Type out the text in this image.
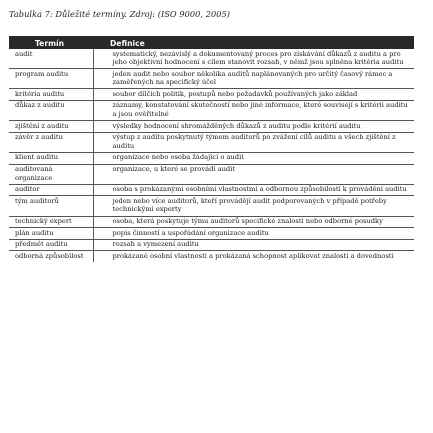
Tabulka 7: Důležité termíny. Zdroj: (ISO 9000, 2005)
Termín	Definice
audit	systematický, nezávislý a dokumentovaný proces pro získávání důkazů z auditu a pro jeho objektivní hodnocení s cílem stanovit rozsah, v němž jsou splněna kritéria auditu
program auditu	jeden audit nebo soubor několika auditů naplánovaných pro určitý časový rámec a zaměřených na specifický účel
kritéria auditu	soubor dílčích politik, postupů nebo požadavků používaných jako základ
důkaz z auditu	záznamy, konstatování skutečností nebo jiné informace, které souvisejí s kritérii auditu a jsou ověřitelné
zjištění z auditu	výsledky hodnocení shromážděných důkazů z auditu podle kritérií auditu
závěr z auditu	výstup z auditu poskytnutý týmem auditorů po zvážení cílů auditu a všech zjištění z auditu
klient auditu	organizace nebo osoba žádající o audit
auditovaná organizace	organizace, u které se provádí audit
auditor	osoba s prokázanými osobními vlastnostmi a odbornou způsobilostí k provádění auditu
tým auditorů	jeden nebo více auditorů, kteří provádějí audit podporovaných v případě potřeby technickými experty
technický expert	osoba, která poskytuje týmu auditorů specifické znalosti nebo odborné posudky
plán auditu	popis činností a uspořádání organizace auditu
předmět auditu	rozsah a vymezení auditu
odborná způsobilost	prokázané osobní vlastnosti a prokázaná schopnost aplikovat znalosti a dovednosti
